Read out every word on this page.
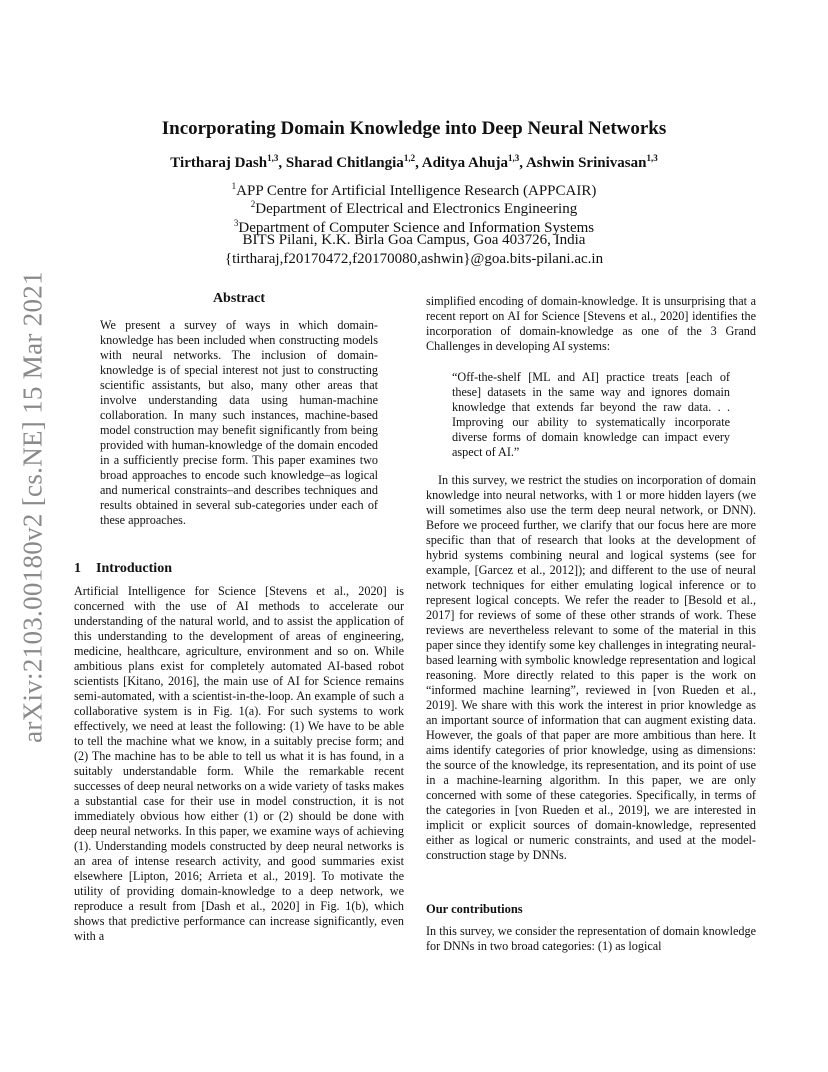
arXiv:2103.00180v2 [cs.NE] 15 Mar 2021
Incorporating Domain Knowledge into Deep Neural Networks
Tirtharaj Dash$^{1,3}$, Sharad Chitlangia$^{1,2}$, Aditya Ahuja$^{1,3}$, Ashwin Srinivasan$^{1,3}$
$^1$APP Centre for Artificial Intelligence Research (APPCAIR)
$^2$Department of Electrical and Electronics Engineering
$^3$Department of Computer Science and Information Systems
BITS Pilani, K.K. Birla Goa Campus, Goa 403726, India
{tirtharaj,f20170472,f20170080,ashwin}@goa.bits-pilani.ac.in
Abstract
We present a survey of ways in which domain-knowledge has been included when constructing models with neural networks. The inclusion of domain-knowledge is of special interest not just to constructing scientific assistants, but also, many other areas that involve understanding data using human-machine collaboration. In many such instances, machine-based model construction may benefit significantly from being provided with human-knowledge of the domain encoded in a sufficiently precise form. This paper examines two broad approaches to encode such knowledge–as logical and numerical constraints–and describes techniques and results obtained in several sub-categories under each of these approaches.
1 Introduction

Artificial Intelligence for Science [Stevens et al., 2020] is concerned with the use of AI methods to accelerate our understanding of the natural world, and to assist the application of this understanding to the development of areas of engineering, medicine, healthcare, agriculture, environment and so on. While ambitious plans exist for completely automated AI-based robot scientists [Kitano, 2016], the main use of AI for Science remains semi-automated, with a scientist-in-the-loop. An example of such a collaborative system is in Fig. 1(a). For such systems to work effectively, we need at least the following: (1) We have to be able to tell the machine what we know, in a suitably precise form; and (2) The machine has to be able to tell us what it is has found, in a suitably understandable form. While the remarkable recent successes of deep neural networks on a wide variety of tasks makes a substantial case for their use in model construction, it is not immediately obvious how either (1) or (2) should be done with deep neural networks. In this paper, we examine ways of achieving (1). Understanding models constructed by deep neural networks is an area of intense research activity, and good summaries exist elsewhere [Lipton, 2016; Arrieta et al., 2019]. To motivate the utility of providing domain-knowledge to a deep network, we reproduce a result from [Dash et al., 2020] in Fig. 1(b), which shows that predictive performance can increase significantly, even with a

simplified encoding of domain-knowledge. It is unsurprising that a recent report on AI for Science [Stevens et al., 2020] identifies the incorporation of domain-knowledge as one of the 3 Grand Challenges in developing AI systems:

“Off-the-shelf [ML and AI] practice treats [each of these] datasets in the same way and ignores domain knowledge that extends far beyond the raw data. . . Improving our ability to systematically incorporate diverse forms of domain knowledge can impact every aspect of AI.”

In this survey, we restrict the studies on incorporation of domain knowledge into neural networks, with 1 or more hidden layers (we will sometimes also use the term deep neural network, or DNN). Before we proceed further, we clarify that our focus here are more specific than that of research that looks at the development of hybrid systems combining neural and logical systems (see for example, [Garcez et al., 2012]); and different to the use of neural network techniques for either emulating logical inference or to represent logical concepts. We refer the reader to [Besold et al., 2017] for reviews of some of these other strands of work. These reviews are nevertheless relevant to some of the material in this paper since they identify some key challenges in integrating neural-based learning with symbolic knowledge representation and logical reasoning. More directly related to this paper is the work on “informed machine learning”, reviewed in [von Rueden et al., 2019]. We share with this work the interest in prior knowledge as an important source of information that can augment existing data. However, the goals of that paper are more ambitious than here. It aims identify categories of prior knowledge, using as dimensions: the source of the knowledge, its representation, and its point of use in a machine-learning algorithm. In this paper, we are only concerned with some of these categories. Specifically, in terms of the categories in [von Rueden et al., 2019], we are interested in implicit or explicit sources of domain-knowledge, represented either as logical or numeric constraints, and used at the model-construction stage by DNNs.

Our contributions

In this survey, we consider the representation of domain knowledge for DNNs in two broad categories: (1) as logical
